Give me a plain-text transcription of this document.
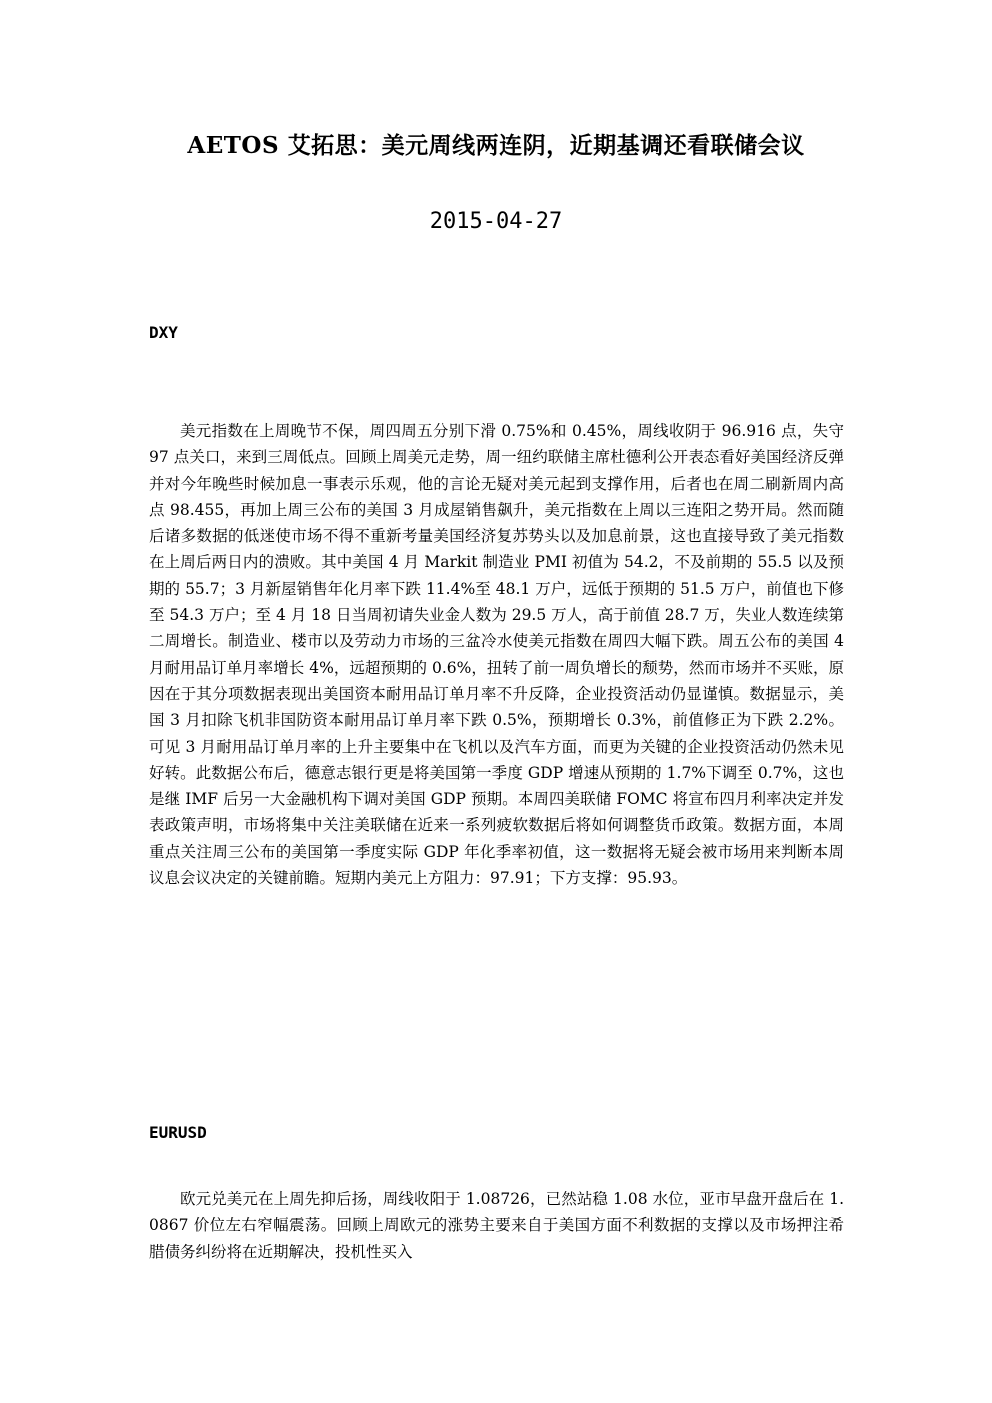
AETOS 艾拓思：美元周线两连阴，近期基调还看联储会议
2015-04-27
DXY
美元指数在上周晚节不保，周四周五分别下滑 0.75%和 0.45%，周线收阴于 96.916 点，失守 97 点关口，来到三周低点。回顾上周美元走势，周一纽约联储主席杜德利公开表态看好美国经济反弹并对今年晚些时候加息一事表示乐观，他的言论无疑对美元起到支撑作用，后者也在周二刷新周内高点 98.455，再加上周三公布的美国 3 月成屋销售飙升，美元指数在上周以三连阳之势开局。然而随后诸多数据的低迷使市场不得不重新考量美国经济复苏势头以及加息前景，这也直接导致了美元指数在上周后两日内的溃败。其中美国 4 月 Markit 制造业 PMI 初值为 54.2，不及前期的 55.5 以及预期的 55.7；3 月新屋销售年化月率下跌 11.4%至 48.1 万户，远低于预期的 51.5 万户，前值也下修至 54.3 万户；至 4 月 18 日当周初请失业金人数为 29.5 万人，高于前值 28.7 万，失业人数连续第二周增长。制造业、楼市以及劳动力市场的三盆冷水使美元指数在周四大幅下跌。周五公布的美国 4 月耐用品订单月率增长 4%，远超预期的 0.6%，扭转了前一周负增长的颓势，然而市场并不买账，原因在于其分项数据表现出美国资本耐用品订单月率不升反降，企业投资活动仍显谨慎。数据显示，美国 3 月扣除飞机非国防资本耐用品订单月率下跌 0.5%，预期增长 0.3%，前值修正为下跌 2.2%。可见 3 月耐用品订单月率的上升主要集中在飞机以及汽车方面，而更为关键的企业投资活动仍然未见好转。此数据公布后，德意志银行更是将美国第一季度 GDP 增速从预期的 1.7%下调至 0.7%，这也是继 IMF 后另一大金融机构下调对美国 GDP 预期。本周四美联储 FOMC 将宣布四月利率决定并发表政策声明，市场将集中关注美联储在近来一系列疲软数据后将如何调整货币政策。数据方面，本周重点关注周三公布的美国第一季度实际 GDP 年化季率初值，这一数据将无疑会被市场用来判断本周议息会议决定的关键前瞻。短期内美元上方阻力：97.91；下方支撑：95.93。
EURUSD
欧元兑美元在上周先抑后扬，周线收阳于 1.08726，已然站稳 1.08 水位，亚市早盘开盘后在 1.0867 价位左右窄幅震荡。回顾上周欧元的涨势主要来自于美国方面不利数据的支撑以及市场押注希腊债务纠纷将在近期解决，投机性买入
